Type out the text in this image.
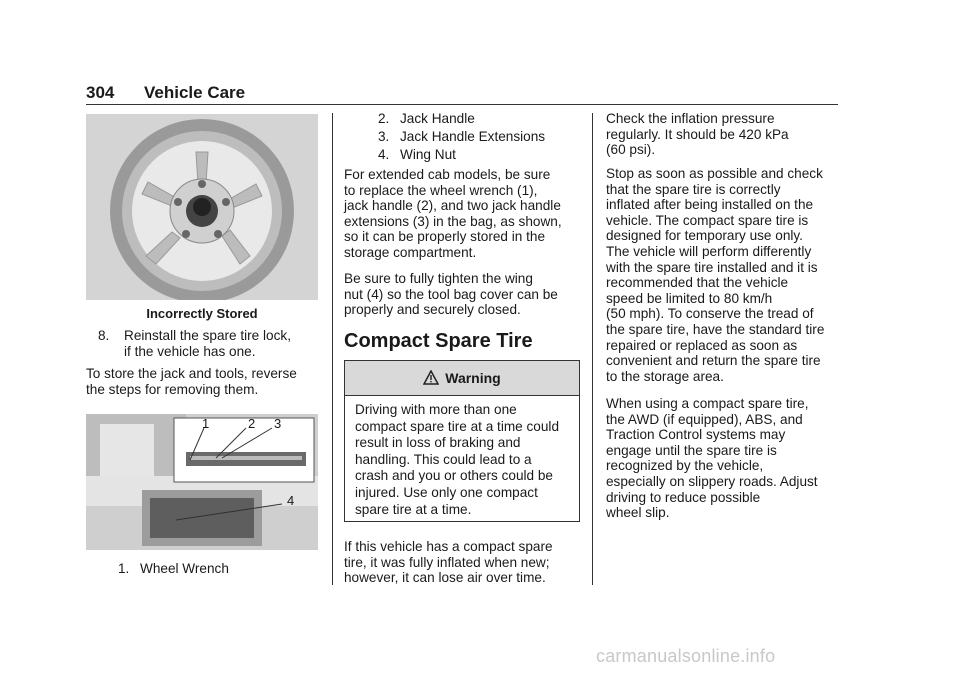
304 Vehicle Care
Incorrectly Stored
8. Reinstall the spare tire lock,
if the vehicle has one.
To store the jack and tools, reverse
the steps for removing them.
1	2 3
4
1. Wheel Wrench
2. Jack Handle
3. Jack Handle Extensions
4. Wing Nut
For extended cab models, be sure
to replace the wheel wrench (1),
jack handle (2), and two jack handle
extensions (3) in the bag, as shown,
so it can be properly stored in the
storage compartment.
Be sure to fully tighten the wing
nut (4) so the tool bag cover can be
properly and securely closed.
Compact Spare Tire
Warning
Driving with more than one
compact spare tire at a time could
result in loss of braking and
handling. This could lead to a
crash and you or others could be
injured. Use only one compact
spare tire at a time.
If this vehicle has a compact spare
tire, it was fully inflated when new;
however, it can lose air over time.
Check the inflation pressure
regularly. It should be 420 kPa
(60 psi).
Stop as soon as possible and check
that the spare tire is correctly
inflated after being installed on the
vehicle. The compact spare tire is
designed for temporary use only.
The vehicle will perform differently
with the spare tire installed and it is
recommended that the vehicle
speed be limited to 80 km/h
(50 mph). To conserve the tread of
the spare tire, have the standard tire
repaired or replaced as soon as
convenient and return the spare tire
to the storage area.
When using a compact spare tire,
the AWD (if equipped), ABS, and
Traction Control systems may
engage until the spare tire is
recognized by the vehicle,
especially on slippery roads. Adjust
driving to reduce possible
wheel slip.
carmanualsonline.info
